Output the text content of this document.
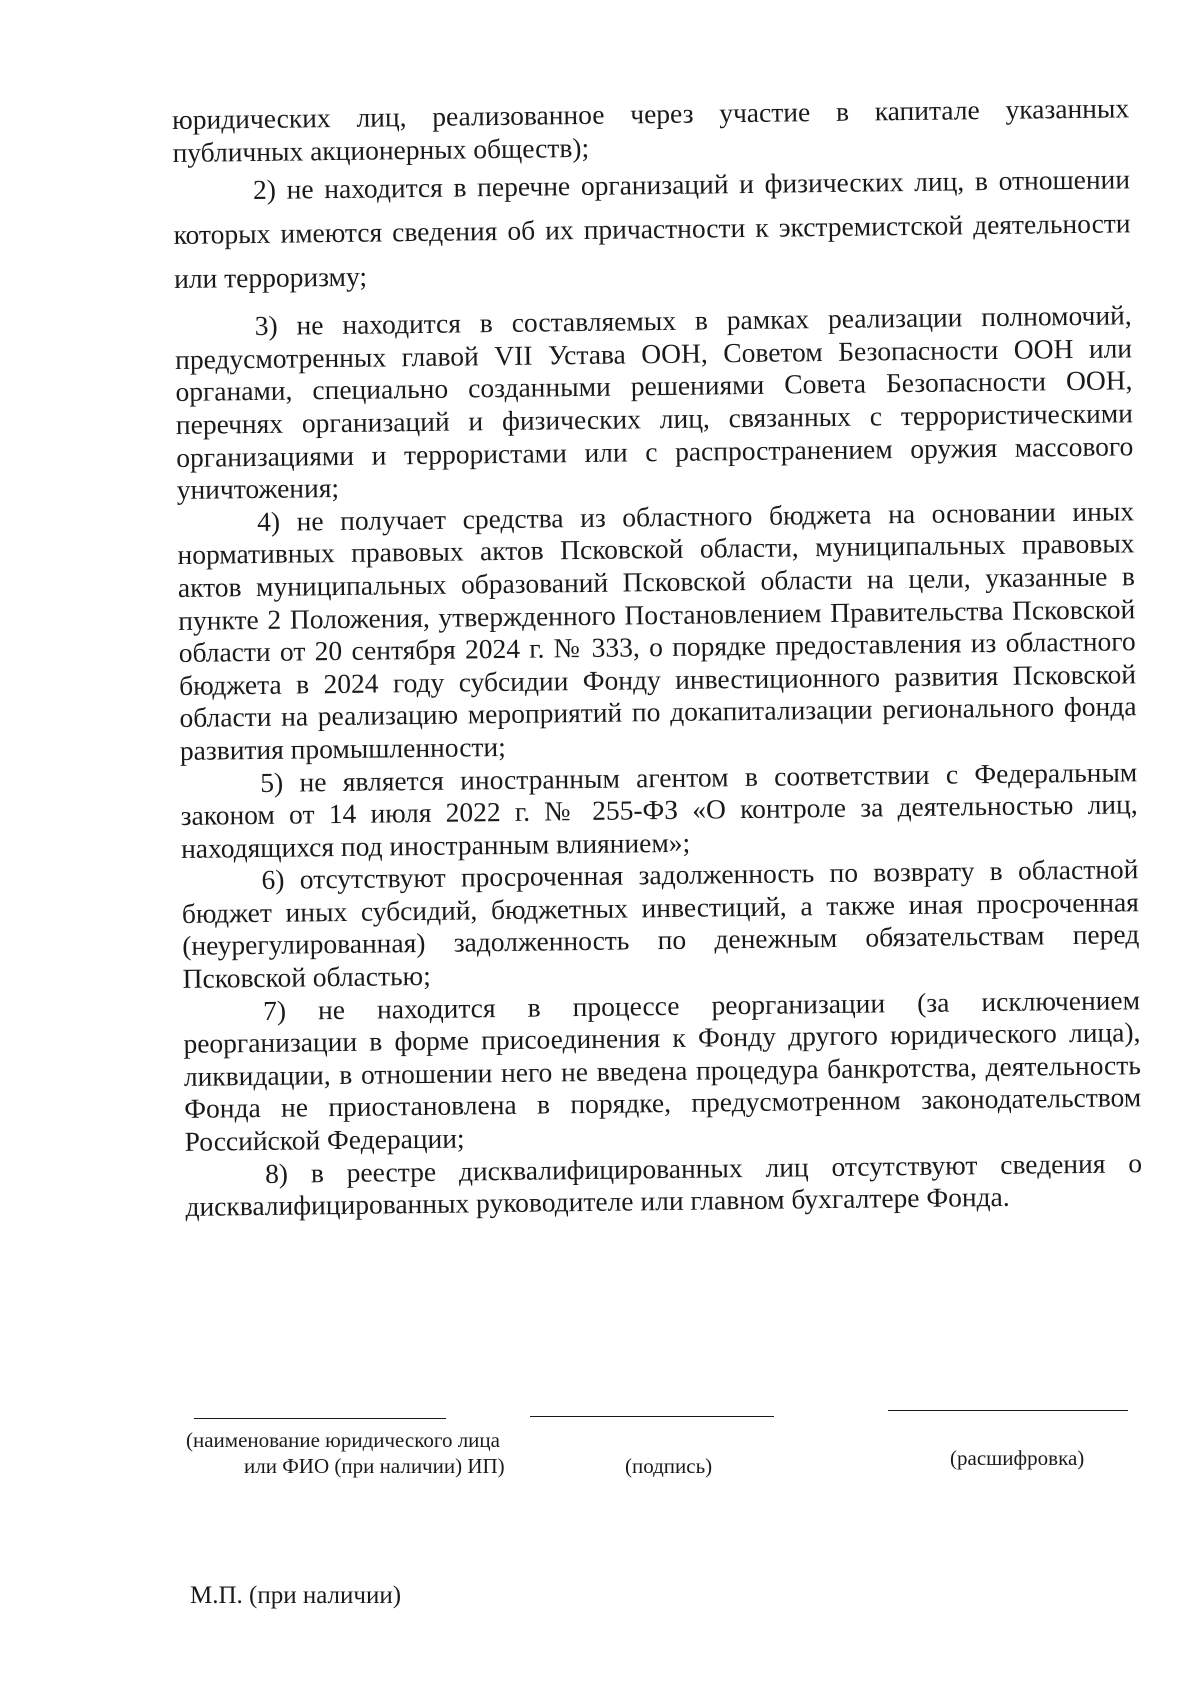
юридических лиц, реализованное через участие в капитале указанных публичных акционерных обществ);

2) не находится в перечне организаций и физических лиц, в отношении которых имеются сведения об их причастности к экстремистской деятельности или терроризму;

3) не находится в составляемых в рамках реализации полномочий, предусмотренных главой VII Устава ООН, Советом Безопасности ООН или органами, специально созданными решениями Совета Безопасности ООН, перечнях организаций и физических лиц, связанных с террористическими организациями и террористами или с распространением оружия массового уничтожения;

4) не получает средства из областного бюджета на основании иных нормативных правовых актов Псковской области, муниципальных правовых актов муниципальных образований Псковской области на цели, указанные в пункте 2 Положения, утвержденного Постановлением Правительства Псковской области от 20 сентября 2024 г. № 333, о порядке предоставления из областного бюджета в 2024 году субсидии Фонду инвестиционного развития Псковской области на реализацию мероприятий по докапитализации регионального фонда развития промышленности;

5) не является иностранным агентом в соответствии с Федеральным законом от 14 июля 2022 г. № 255-ФЗ «О контроле за деятельностью лиц, находящихся под иностранным влиянием»;

6) отсутствуют просроченная задолженность по возврату в областной бюджет иных субсидий, бюджетных инвестиций, а также иная просроченная (неурегулированная) задолженность по денежным обязательствам перед Псковской областью;

7) не находится в процессе реорганизации (за исключением реорганизации в форме присоединения к Фонду другого юридического лица), ликвидации, в отношении него не введена процедура банкротства, деятельность Фонда не приостановлена в порядке, предусмотренном законодательством Российской Федерации;

8) в реестре дисквалифицированных лиц отсутствуют сведения о дисквалифицированных руководителе или главном бухгалтере Фонда.

(наименование юридического лица
или ФИО (при наличии) ИП)	(подпись)	(расшифровка)
М.П. (при наличии)
